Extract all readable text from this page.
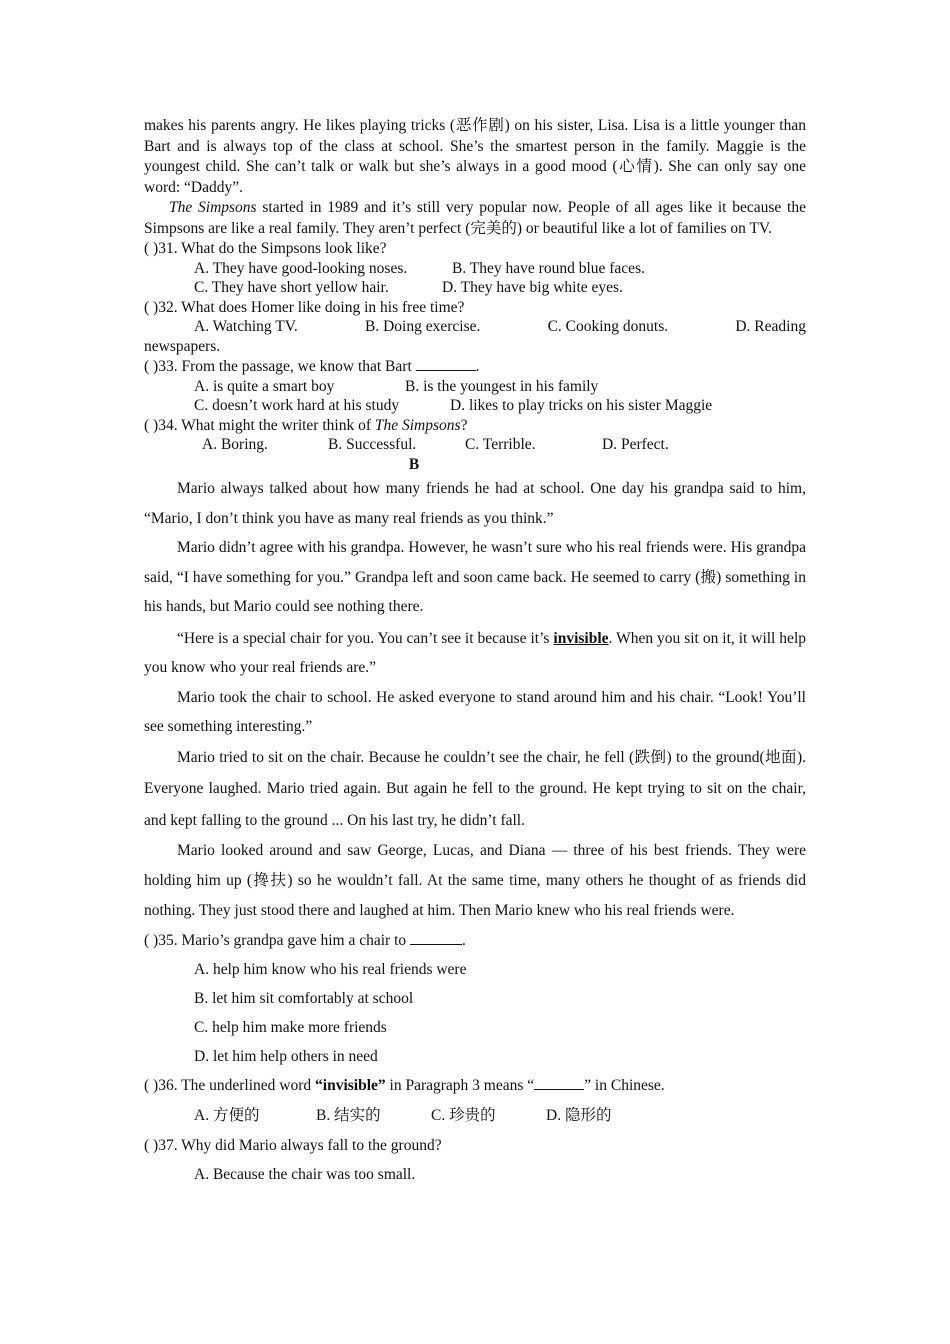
makes his parents angry. He likes playing tricks (恶作剧) on his sister, Lisa. Lisa is a little younger than Bart and is always top of the class at school. She’s the smartest person in the family. Maggie is the youngest child. She can’t talk or walk but she’s always in a good mood (心情). She can only say one word: “Daddy”.

The Simpsons started in 1989 and it’s still very popular now. People of all ages like it because the Simpsons are like a real family. They aren’t perfect (完美的) or beautiful like a lot of families on TV.

( )31. What do the Simpsons look like?

A. They have good-looking noses.	B. They have round blue faces.
C. They have short yellow hair.	D. They have big white eyes.

( )32. What does Homer like doing in his free time?

A. Watching TV.	B. Doing exercise.	C. Cooking donuts.	D. Reading

newspapers.

( )33. From the passage, we know that Bart	.

A. is quite a smart boy	B. is the youngest in his family
C. doesn’t work hard at his study	D. likes to play tricks on his sister Maggie

( )34. What might the writer think of The Simpsons?

A. Boring.	B. Successful.	C. Terrible.	D. Perfect.

B

Mario always talked about how many friends he had at school. One day his grandpa said to him, “Mario, I don’t think you have as many real friends as you think.”

Mario didn’t agree with his grandpa. However, he wasn’t sure who his real friends were. His grandpa said, “I have something for you.” Grandpa left and soon came back. He seemed to carry (搬) something in his hands, but Mario could see nothing there.

“Here is a special chair for you. You can’t see it because it’s invisible. When you sit on it, it will help you know who your real friends are.”

Mario took the chair to school. He asked everyone to stand around him and his chair. “Look! You’ll see something interesting.”

Mario tried to sit on the chair. Because he couldn’t see the chair, he fell (跌倒) to the ground(地面). Everyone laughed. Mario tried again. But again he fell to the ground. He kept trying to sit on the chair, and kept falling to the ground ... On his last try, he didn’t fall.

Mario looked around and saw George, Lucas, and Diana — three of his best friends. They were holding him up (搀扶) so he wouldn’t fall. At the same time, many others he thought of as friends did nothing. They just stood there and laughed at him. Then Mario knew who his real friends were.

( )35. Mario’s grandpa gave him a chair to	.

A. help him know who his real friends were

B. let him sit comfortably at school

C. help him make more friends

D. let him help others in need

( )36. The underlined word “invisible” in Paragraph 3 means “	” in Chinese.

A. 方便的	B. 结实的	C. 珍贵的	D. 隐形的

( )37. Why did Mario always fall to the ground?

A. Because the chair was too small.
